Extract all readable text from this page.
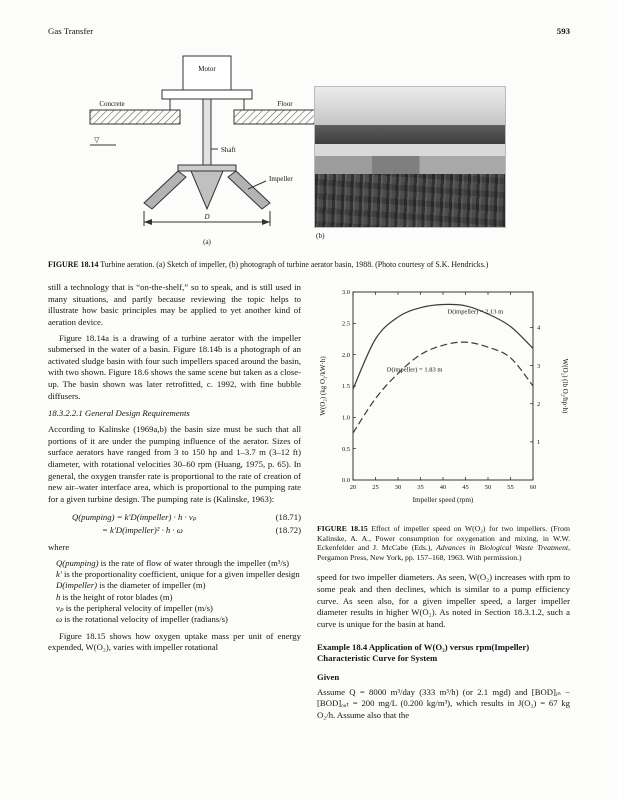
Gas Transfer	593
Motor
Concrete	Floor
Shaft
▽
Impeller
D
(a)
(b)
FIGURE 18.14 Turbine aeration. (a) Sketch of impeller, (b) photograph of turbine aerator basin, 1988. (Photo courtesy of S.K. Hendricks.)

still a technology that is “on-the-shelf,” so to speak, and is still used in many situations, and partly because reviewing the topic helps to illustrate how basic principles may be applied to yet another kind of aeration device.

Figure 18.14a is a drawing of a turbine aerator with the impeller submersed in the water of a basin. Figure 18.14b is a photograph of an activated sludge basin with four such impellers spaced around the basin, with two shown. Figure 18.6 shows the same scene but taken as a close-up. The basin shown was later retrofitted, c. 1992, with fine bubble diffusers.

18.3.2.2.1 General Design Requirements

According to Kalinske (1969a,b) the basin size must be such that all portions of it are under the pumping influence of the aerator. Sizes of surface aerators have ranged from 3 to 150 hp and 1–3.7 m (3–12 ft) diameter, with rotational velocities 30–60 rpm (Huang, 1975, p. 65). In general, the oxygen transfer rate is proportional to the rate of creation of new air–water interface area, which is proportional to the pumping rate for a given turbine design. The pumping rate is (Kalinske, 1963):

Q(pumping) = k′D(impeller) · h · vₚ	(18.71)
= k′D(impeller)² · h · ω	(18.72)

where

Q(pumping) is the rate of flow of water through the impeller (m³/s)
k′ is the proportionality coefficient, unique for a given impeller design
D(impeller) is the diameter of impeller (m)
h is the height of rotor blades (m)
vₚ is the peripheral velocity of impeller (m/s)
ω is the rotational velocity of impeller (radians/s)

Figure 18.15 shows how oxygen uptake mass per unit of energy expended, W(O₂), varies with impeller rotational

20 25 30 35 40 45 50 55 60
0.0
0.5
1.0
1.5
2.0
2.5
3.0
1
2
3
4
Impeller speed (rpm)
W(O₂) (kg O₂/kW·h)	W(O₂) (lb O₂/hp·h)
D(impeller) = 2.13 m
D(impeller) = 1.83 m
FIGURE 18.15 Effect of impeller speed on W(O₂) for two impellers. (From Kalinske, A. A., Power consumption for oxygenation and mixing, in W.W. Eckenfelder and J. McCabe (Eds.), Advances in Biological Waste Treatment, Pergamon Press, New York, pp. 157–168, 1963. With permission.)

speed for two impeller diameters. As seen, W(O₂) increases with rpm to some peak and then declines, which is similar to a pump efficiency curve. As seen also, for a given impeller speed, a larger impeller diameter results in higher W(O₂). As noted in Section 18.3.1.2, such a curve is unique for the basin at hand.

Example 18.4 Application of W(O₂) versus rpm(Impeller) Characteristic Curve for System
Given

Assume Q = 8000 m³/day (333 m³/h) (or 2.1 mgd) and [BOD]ᵢₙ − [BOD]ₒᵤₜ = 200 mg/L (0.200 kg/m³), which results in J(O₂) = 67 kg O₂/h. Assume also that the
